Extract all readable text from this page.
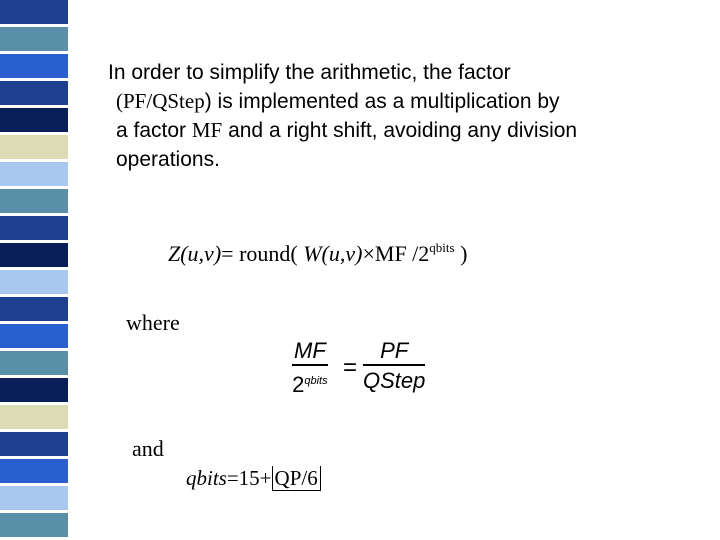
In order to simplify the arithmetic, the factor
(PF/QStep) is implemented as a multiplication by
a factor MF and a right shift, avoiding any division
operations.

Z(u,v)= round( W(u,v)×MF $/2^{qbits}$ )
where
MF
$2^{qbits}$ =
PF
QStep
and
qbits=15+ QP/6
